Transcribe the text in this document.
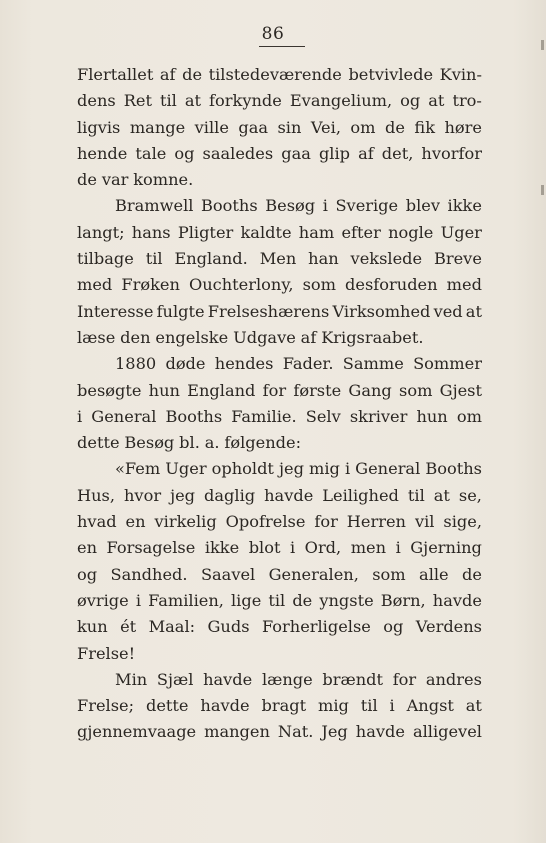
86
Flertallet af de tilstedeværende betvivlede Kvin-
dens Ret til at forkynde Evangelium, og at tro-
ligvis mange ville gaa sin Vei, om de fik høre
hende tale og saaledes gaa glip af det, hvorfor
de var komne.
Bramwell Booths Besøg i Sverige blev ikke
langt; hans Pligter kaldte ham efter nogle Uger
tilbage til England. Men han vekslede Breve
med Frøken Ouchterlony, som desforuden med
Interesse fulgte Frelseshærens Virksomhed ved at
læse den engelske Udgave af Krigsraabet.
1880 døde hendes Fader. Samme Sommer
besøgte hun England for første Gang som Gjest
i General Booths Familie. Selv skriver hun om
dette Besøg bl. a. følgende:
«Fem Uger opholdt jeg mig i General Booths
Hus, hvor jeg daglig havde Leilighed til at se,
hvad en virkelig Opofrelse for Herren vil sige,
en Forsagelse ikke blot i Ord, men i Gjerning
og Sandhed. Saavel Generalen, som alle de
øvrige i Familien, lige til de yngste Børn, havde
kun ét Maal: Guds Forherligelse og Verdens
Frelse!
Min Sjæl havde længe brændt for andres
Frelse; dette havde bragt mig til i Angst at
gjennemvaage mangen Nat. Jeg havde alligevel
